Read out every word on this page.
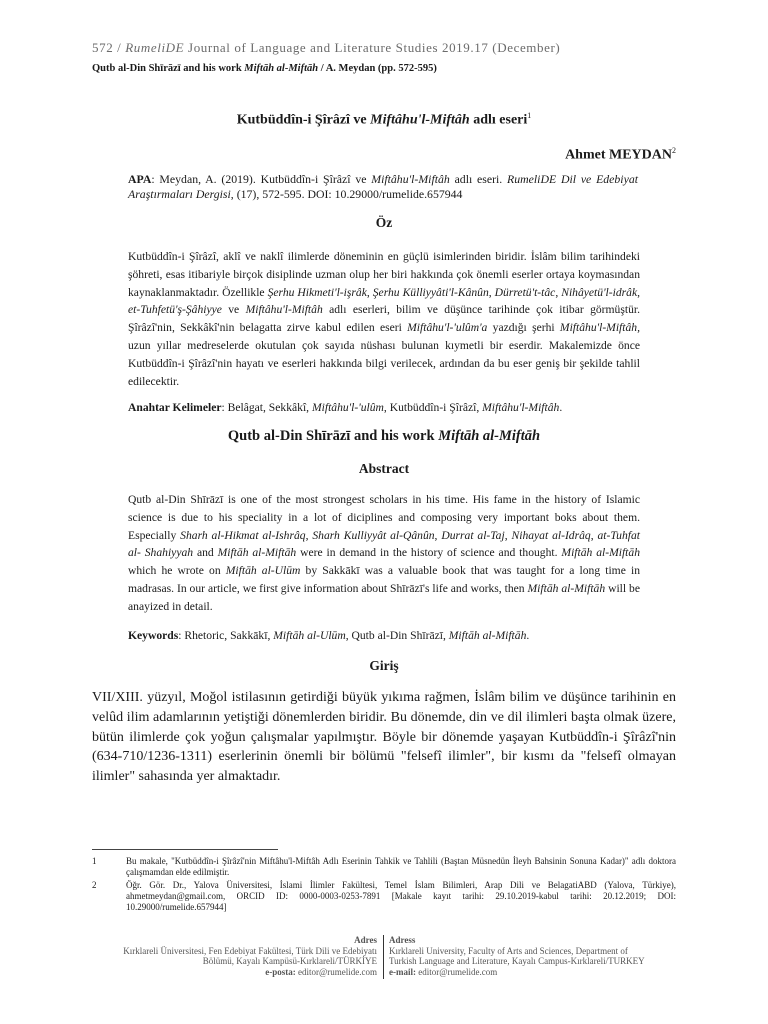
572 / RumeliDE Journal of Language and Literature Studies 2019.17 (December)
Qutb al-Din Shīrāzī and his work Miftāh al-Miftāh / A. Meydan (pp. 572-595)
Kutbüddîn-i Şîrâzî ve Miftâhu'l-Miftâh adlı eseri$^1$
Ahmet MEYDAN$^2$
APA: Meydan, A. (2019). Kutbüddîn-i Şîrâzî ve Miftâhu'l-Miftâh adlı eseri. RumeliDE Dil ve Edebiyat Araştırmaları Dergisi, (17), 572-595. DOI: 10.29000/rumelide.657944
Öz
Kutbüddîn-i Şîrâzî, aklî ve naklî ilimlerde döneminin en güçlü isimlerinden biridir. İslâm bilim tarihindeki şöhreti, esas itibariyle birçok disiplinde uzman olup her biri hakkında çok önemli eserler ortaya koymasından kaynaklanmaktadır. Özellikle Şerhu Hikmeti'l-işrâk, Şerhu Külliyyâti'l-Kânûn, Dürretü't-tâc, Nihâyetü'l-idrâk, et-Tuhfetü'ş-Şâhiyye ve Miftâhu'l-Miftâh adlı eserleri, bilim ve düşünce tarihinde çok itibar görmüştür. Şîrâzî'nin, Sekkâkî'nin belagatta zirve kabul edilen eseri Miftâhu'l-'ulûm'a yazdığı şerhi Miftâhu'l-Miftâh, uzun yıllar medreselerde okutulan çok sayıda nüshası bulunan kıymetli bir eserdir. Makalemizde önce Kutbüddîn-i Şîrâzî'nin hayatı ve eserleri hakkında bilgi verilecek, ardından da bu eser geniş bir şekilde tahlil edilecektir.
Anahtar Kelimeler: Belâgat, Sekkâkî, Miftâhu'l-'ulûm, Kutbüddîn-i Şîrâzî, Miftâhu'l-Miftâh.
Qutb al-Din Shīrāzī and his work Miftāh al-Miftāh
Abstract
Qutb al-Din Shīrāzī is one of the most strongest scholars in his time. His fame in the history of Islamic science is due to his speciality in a lot of diciplines and composing very important boks about them. Especially Sharh al-Hikmat al-Ishrâq, Sharh Kulliyyât al-Qânûn, Durrat al-Taj, Nihayat al-Idrâq, at-Tuhfat al- Shahiyyah and Miftāh al-Miftāh were in demand in the history of science and thought. Miftāh al-Miftāh which he wrote on Miftāh al-Ulūm by Sakkākī was a valuable book that was taught for a long time in madrasas. In our article, we first give information about Shīrāzī's life and works, then Miftāh al-Miftāh will be anayized in detail.
Keywords: Rhetoric, Sakkākī, Miftāh al-Ulūm, Qutb al-Din Shīrāzī, Miftāh al-Miftāh.
Giriş
VII/XIII. yüzyıl, Moğol istilasının getirdiği büyük yıkıma rağmen, İslâm bilim ve düşünce tarihinin en velûd ilim adamlarının yetiştiği dönemlerden biridir. Bu dönemde, din ve dil ilimleri başta olmak üzere, bütün ilimlerde çok yoğun çalışmalar yapılmıştır. Böyle bir dönemde yaşayan Kutbüddîn-i Şîrâzî'nin (634-710/1236-1311) eserlerinin önemli bir bölümü "felsefî ilimler", bir kısmı da "felsefî olmayan ilimler" sahasında yer almaktadır.
1	Bu makale, "Kutbüddîn-i Şîrâzî'nin Miftâhu'l-Miftâh Adlı Eserinin Tahkik ve Tahlili (Baştan Müsnedün İleyh Bahsinin Sonuna Kadar)" adlı doktora çalışmamdan elde edilmiştir.
2	Öğr. Gör. Dr., Yalova Üniversitesi, İslami İlimler Fakültesi, Temel İslam Bilimleri, Arap Dili ve BelagatiABD (Yalova, Türkiye), ahmetmeydan@gmail.com, ORCID ID: 0000-0003-0253-7891 [Makale kayıt tarihi: 29.10.2019-kabul tarihi: 20.12.2019; DOI: 10.29000/rumelide.657944]
Adres
Kırklareli Üniversitesi, Fen Edebiyat Fakültesi, Türk Dili ve Edebiyatı
Bölümü, Kayalı Kampüsü-Kırklareli/TÜRKİYE
e-posta: editor@rumelide.com
Adress
Kırklareli University, Faculty of Arts and Sciences, Department of
Turkish Language and Literature, Kayalı Campus-Kırklareli/TURKEY
e-mail: editor@rumelide.com
